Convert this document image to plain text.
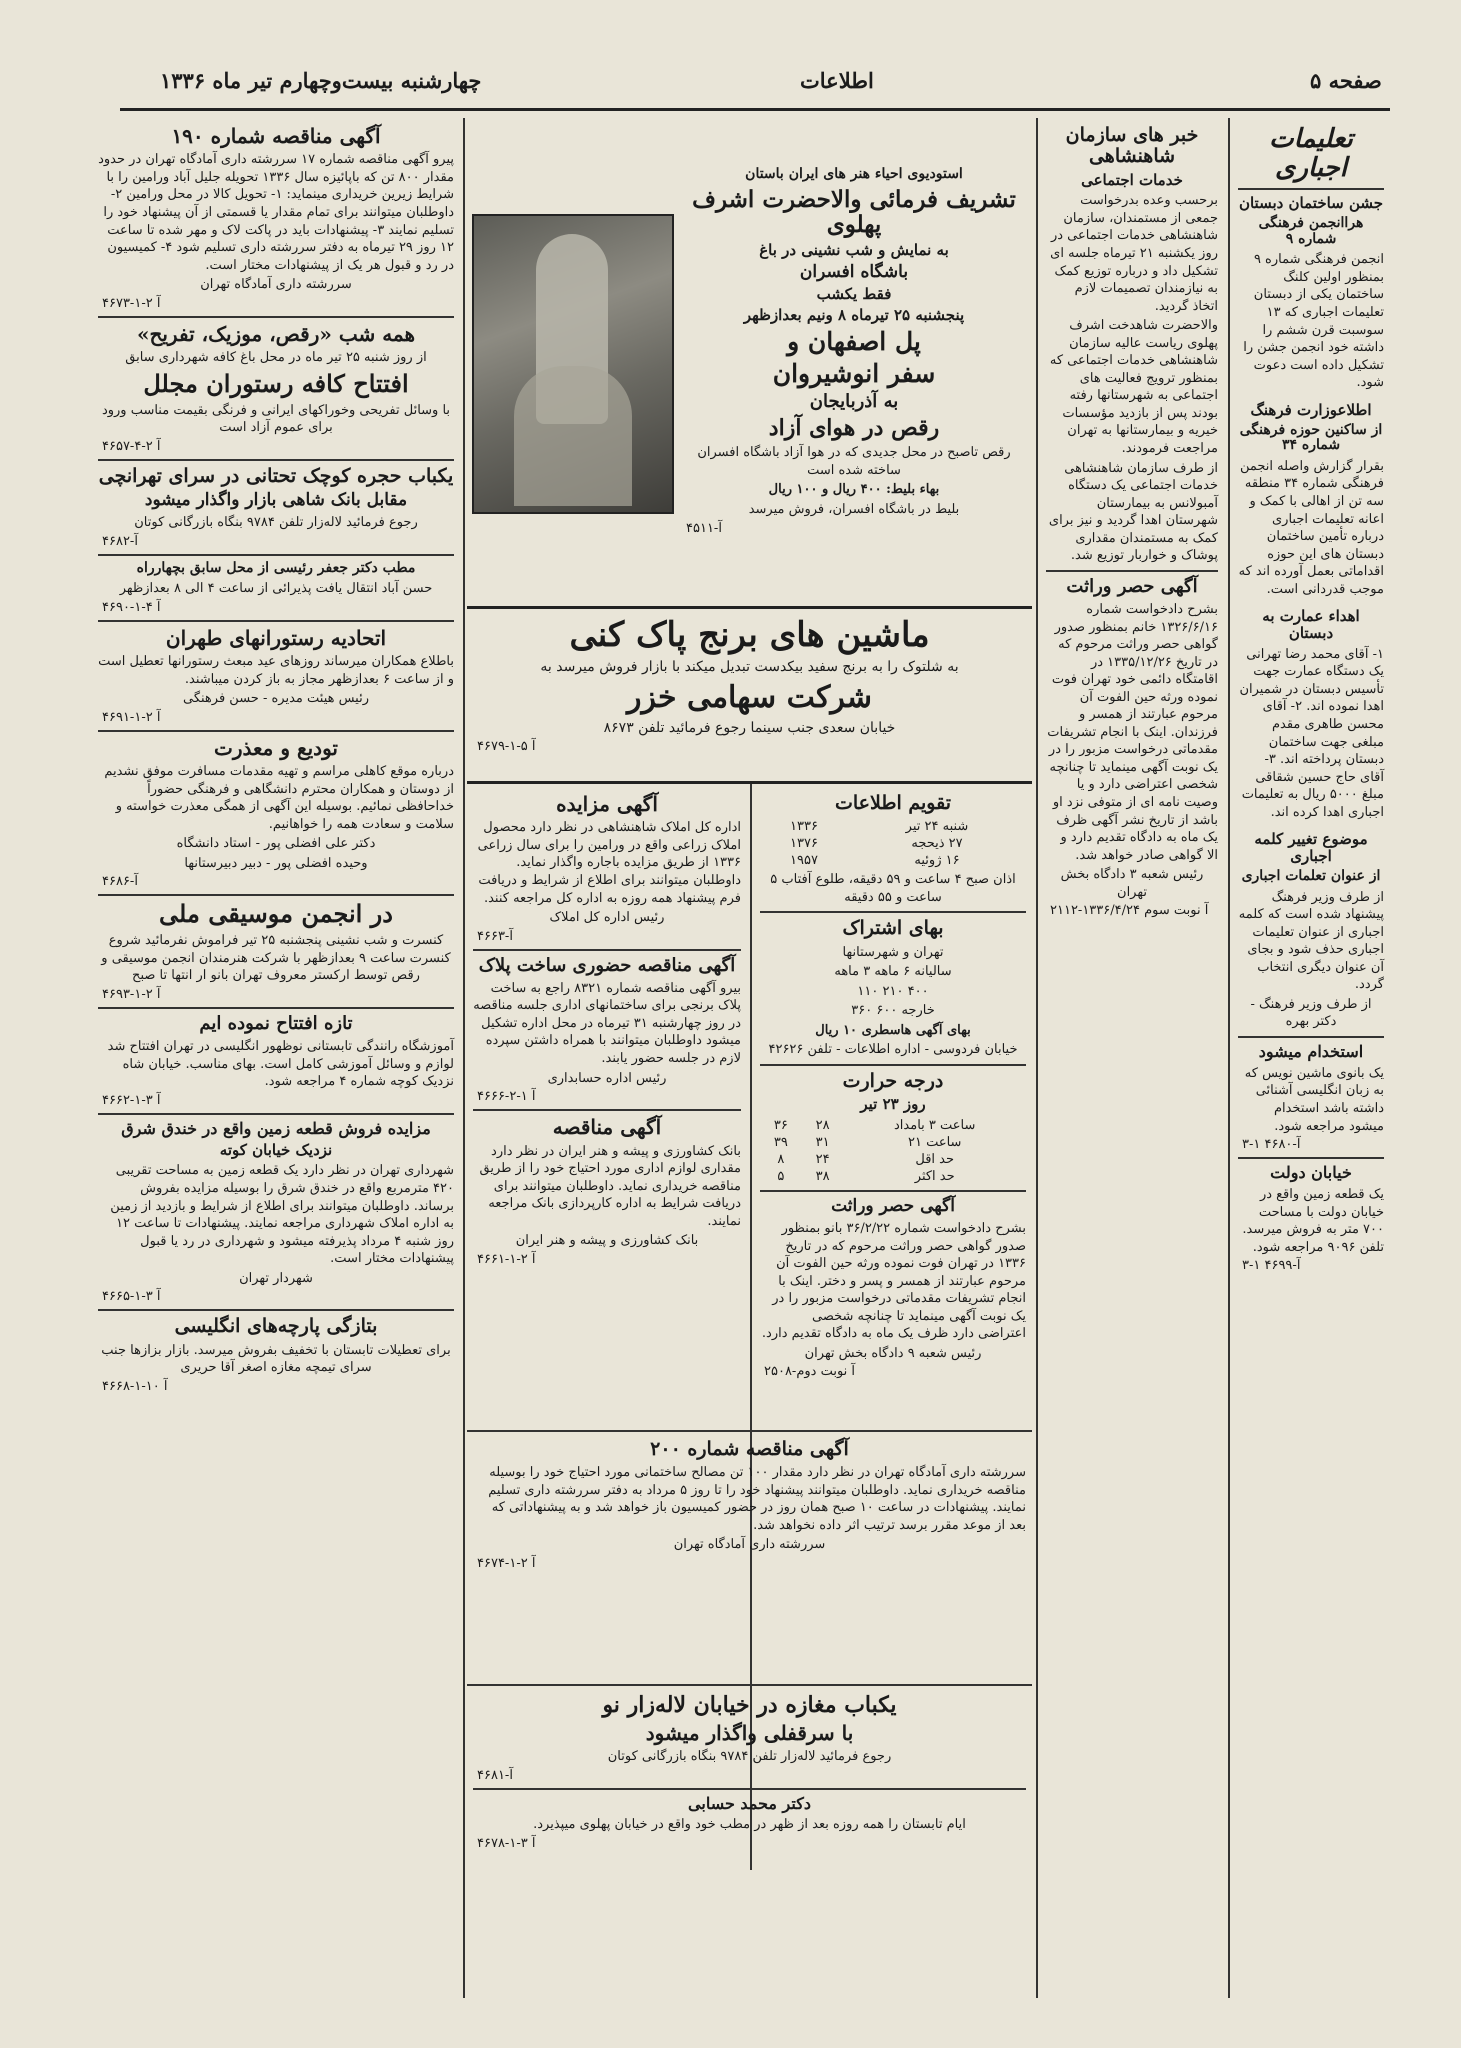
چهارشنبه بیست‌وچهارم تیر ماه ۱۳۳۶	اطلاعات	صفحه ۵
تعلیمات اجباری
جشن ساختمان دبستان
هراانجمن فرهنگی شماره ۹

انجمن فرهنگی شماره ۹ بمنظور اولین کلنگ ساختمان یکی از دبستان تعلیمات اجباری که ۱۳ سوسبت قرن ششم را داشته خود انجمن جشن را تشکیل داده است دعوت شود.

اطلاعوزارت فرهنگ
از ساکنین حوزه فرهنگی شماره ۳۴

بقرار گزارش واصله انجمن فرهنگی شماره ۳۴ منطقه سه تن از اهالی با کمک و اعانه تعلیمات اجباری درباره تأمین ساختمان دبستان های این حوزه اقداماتی بعمل آورده اند که موجب قدردانی است.

اهداء عمارت به دبستان

۱- آقای محمد رضا تهرانی یک دستگاه عمارت جهت تأسیس دبستان در شمیران اهدا نموده اند. ۲- آقای محسن طاهری مقدم مبلغی جهت ساختمان دبستان پرداخته اند. ۳- آقای حاج حسین شقاقی مبلغ ۵۰۰۰ ریال به تعلیمات اجباری اهدا کرده اند.

موضوع تغییر کلمه اجباری
از عنوان تعلمات اجباری

از طرف وزیر فرهنگ پیشنهاد شده است که کلمه اجباری از عنوان تعلیمات اجباری حذف شود و بجای آن عنوان دیگری انتخاب گردد.

از طرف وزیر فرهنگ - دکتر بهره

استخدام میشود

یک بانوی ماشین نویس که به زبان انگلیسی آشنائی داشته باشد استخدام میشود مراجعه شود.

۳-۱ ۴۶۸۰-آ
خیابان دولت

یک قطعه زمین واقع در خیابان دولت با مساحت ۷۰۰ متر به فروش میرسد. تلفن ۹۰۹۶ مراجعه شود.

۳-۱ ۴۶۹۹-آ
خبر های سازمان شاهنشاهی
خدمات اجتماعی

برحسب وعده بدرخواست جمعی از مستمندان، سازمان شاهنشاهی خدمات اجتماعی در روز یکشنبه ۲۱ تیرماه جلسه ای تشکیل داد و درباره توزیع کمک به نیازمندان تصمیمات لازم اتخاذ گردید.

والاحضرت شاهدخت اشرف پهلوی ریاست عالیه سازمان شاهنشاهی خدمات اجتماعی که بمنظور ترویج فعالیت های اجتماعی به شهرستانها رفته بودند پس از بازدید مؤسسات خیریه و بیمارستانها به تهران مراجعت فرمودند.

از طرف سازمان شاهنشاهی خدمات اجتماعی یک دستگاه آمبولانس به بیمارستان شهرستان اهدا گردید و نیز برای کمک به مستمندان مقداری پوشاک و خواربار توزیع شد.

آگهی حصر وراثت

بشرح دادخواست شماره ۱۳۲۶/۶/۱۶ خانم بمنظور صدور گواهی حصر وراثت مرحوم که در تاریخ ۱۳۳۵/۱۲/۲۶ در اقامتگاه دائمی خود تهران فوت نموده ورثه حین الفوت آن مرحوم عبارتند از همسر و فرزندان. اینک با انجام تشریفات مقدماتی درخواست مزبور را در یک نوبت آگهی مینماید تا چنانچه شخصی اعتراضی دارد و یا وصیت نامه ای از متوفی نزد او باشد از تاریخ نشر آگهی ظرف یک ماه به دادگاه تقدیم دارد و الا گواهی صادر خواهد شد.

رئیس شعبه ۳ دادگاه بخش تهران

۲۱۱۲-آ نوبت سوم ۱۳۳۶/۴/۲۴
استودیوی احیاء هنر های ایران باستان
تشریف فرمائی والاحضرت اشرف پهلوی
به نمایش و شب نشینی در باغ
باشگاه افسران
فقط یکشب
پنجشنبه ۲۵ تیرماه ۸ ونیم بعدازظهر
پل اصفهان و
سفر انوشیروان
به آذربایجان
رقص در هوای آزاد

رقص تاصبح در محل جدیدی که در هوا آزاد باشگاه افسران ساخته شده است

بهاء بلیط: ۴۰۰ ریال و ۱۰۰ ریال

بلیط در باشگاه افسران، فروش میرسد

۴۵۱۱-آ
ماشین های برنج پاک کنی

به شلتوک را به برنج سفید بیکدست تبدیل میکند با بازار فروش میرسد به

شرکت سهامی خزر

خیابان سعدی جنب سینما رجوع فرمائید تلفن ۸۶۷۳

۴۶۷۹-آ ۵-۱
تقویم اطلاعات
شنبه ۲۴ تیر	۱۳۳۶
۲۷ ذیحجه	۱۳۷۶
۱۶ ژوئیه	۱۹۵۷

اذان صبح ۴ ساعت و ۵۹ دقیقه، طلوع آفتاب ۵ ساعت و ۵۵ دقیقه

بهای اشتراک

تهران و شهرستانها

سالیانه ۶ ماهه ۳ ماهه

۴۰۰ ۲۱۰ ۱۱۰

خارجه ۶۰۰ ۳۶۰

بهای آگهی هاسطری ۱۰ ریال

خیابان فردوسی - اداره اطلاعات - تلفن ۴۲۶۲۶

درجه حرارت
روز ۲۳ تیر
ساعت ۳ بامداد	۲۸	۳۶
ساعت ۲۱	۳۱	۳۹
حد اقل	۲۴	۸
حد اکثر	۳۸	۵
آگهی حصر وراثت

بشرح دادخواست شماره ۳۶/۲/۲۲ بانو بمنظور صدور گواهی حصر وراثت مرحوم که در تاریخ ۱۳۳۶ در تهران فوت نموده ورثه حین الفوت آن مرحوم عبارتند از همسر و پسر و دختر. اینک با انجام تشریفات مقدماتی درخواست مزبور را در یک نوبت آگهی مینماید تا چنانچه شخصی اعتراضی دارد ظرف یک ماه به دادگاه تقدیم دارد.

رئیس شعبه ۹ دادگاه بخش تهران

۲۵۰۸-آ نوبت دوم
آگهی مزایده

اداره کل املاک شاهنشاهی در نظر دارد محصول املاک زراعی واقع در ورامین را برای سال زراعی ۱۳۳۶ از طریق مزایده باجاره واگذار نماید. داوطلبان میتوانند برای اطلاع از شرایط و دریافت فرم پیشنهاد همه روزه به اداره کل مراجعه کنند.

رئیس اداره کل املاک

۴۶۶۳-آ
آگهی مناقصه حضوری ساخت پلاک

بیرو آگهی مناقصه شماره ۸۳۲۱ راجع به ساخت پلاک برنجی برای ساختمانهای اداری جلسه مناقصه در روز چهارشنبه ۳۱ تیرماه در محل اداره تشکیل میشود داوطلبان میتوانند با همراه داشتن سپرده لازم در جلسه حضور یابند.

رئیس اداره حسابداری

۴۶۶۶-آ ۱-۲
آگهی مناقصه

بانک کشاورزی و پیشه و هنر ایران در نظر دارد مقداری لوازم اداری مورد احتیاج خود را از طریق مناقصه خریداری نماید. داوطلبان میتوانند برای دریافت شرایط به اداره کارپردازی بانک مراجعه نمایند.

بانک کشاورزی و پیشه و هنر ایران

۴۶۶۱-آ ۲-۱
آگهی مناقصه شماره ۲۰۰

سررشته داری آمادگاه تهران در نظر دارد مقدار ۱۰۰ تن مصالح ساختمانی مورد احتیاج خود را بوسیله مناقصه خریداری نماید. داوطلبان میتوانند پیشنهاد خود را تا روز ۵ مرداد به دفتر سررشته داری تسلیم نمایند. پیشنهادات در ساعت ۱۰ صبح همان روز در حضور کمیسیون باز خواهد شد و به پیشنهاداتی که بعد از موعد مقرر برسد ترتیب اثر داده نخواهد شد.

سررشته داری آمادگاه تهران

۴۶۷۴-آ ۲-۱
یکباب مغازه در خیابان لاله‌زار نو
با سرقفلی واگذار میشود

رجوع فرمائید لاله‌زار تلفن ۹۷۸۴ بنگاه بازرگانی کوتان

۴۶۸۱-آ
دکتر محمد حسابی

ایام تابستان را همه روزه بعد از ظهر در مطب خود واقع در خیابان پهلوی میپذیرد.

۴۶۷۸-آ ۳-۱
آگهی مناقصه شماره ۱۹۰

پیرو آگهی مناقصه شماره ۱۷ سررشته داری آمادگاه تهران در حدود مقدار ۸۰۰ تن که باپائیزه سال ۱۳۳۶ تحویله جلیل آباد ورامین را با شرایط زیرین خریداری مینماید: ۱- تحویل کالا در محل ورامین ۲- داوطلبان میتوانند برای تمام مقدار یا قسمتی از آن پیشنهاد خود را تسلیم نمایند ۳- پیشنهادات باید در پاکت لاک و مهر شده تا ساعت ۱۲ روز ۲۹ تیرماه به دفتر سررشته داری تسلیم شود ۴- کمیسیون در رد و قبول هر یک از پیشنهادات مختار است.

سررشته داری آمادگاه تهران

۴۶۷۳-آ ۲-۱
همه شب «رقص، موزیک، تفریح»

از روز شنبه ۲۵ تیر ماه در محل باغ کافه شهرداری سابق

افتتاح کافه رستوران مجلل

با وسائل تفریحی وخوراکهای ایرانی و فرنگی بقیمت مناسب ورود برای عموم آزاد است

۴۶۵۷-آ ۲-۴
یکباب حجره کوچک تحتانی در سرای تهرانچی
مقابل بانک شاهی بازار واگذار میشود

رجوع فرمائید لاله‌زار تلفن ۹۷۸۴ بنگاه بازرگانی کوتان

۴۶۸۲-آ
مطب دکتر جعفر رئیسی از محل سابق بچهارراه

حسن آباد انتقال یافت پذیرائی از ساعت ۴ الی ۸ بعدازظهر

۴۶۹۰-آ ۴-۱
اتحادیه رستورانهای طهران

باطلاع همکاران میرساند روزهای عید مبعث رستورانها تعطیل است و از ساعت ۶ بعدازظهر مجاز به باز کردن میباشند.

رئیس هیئت مدیره - حسن فرهنگی

۴۶۹۱-آ ۲-۱
تودیع و معذرت

درباره موقع کاهلی مراسم و تهیه مقدمات مسافرت موفق نشدیم از دوستان و همکاران محترم دانشگاهی و فرهنگی حضوراً خداحافظی نمائیم. بوسیله این آگهی از همگی معذرت خواسته و سلامت و سعادت همه را خواهانیم.

دکتر علی افضلی پور - استاد دانشگاه

وحیده افضلی پور - دبیر دبیرستانها

۴۶۸۶-آ
در انجمن موسیقی ملی

کنسرت و شب نشینی پنجشنبه ۲۵ تیر فراموش نفرمائید شروع کنسرت ساعت ۹ بعدازظهر با شرکت هنرمندان انجمن موسیقی و رقص توسط ارکستر معروف تهران بانو ار انتها تا صبح

۴۶۹۳-آ ۲-۱
تازه افتتاح نموده ایم

آموزشگاه رانندگی تابستانی نوظهور انگلیسی در تهران افتتاح شد لوازم و وسائل آموزشی کامل است. بهای مناسب. خیابان شاه نزدیک کوچه شماره ۴ مراجعه شود.

۴۶۶۲-آ ۳-۱
مزایده فروش قطعه زمین واقع در خندق شرق
نزدیک خیابان کوته

شهرداری تهران در نظر دارد یک قطعه زمین به مساحت تقریبی ۴۲۰ مترمربع واقع در خندق شرق را بوسیله مزایده بفروش برساند. داوطلبان میتوانند برای اطلاع از شرایط و بازدید از زمین به اداره املاک شهرداری مراجعه نمایند. پیشنهادات تا ساعت ۱۲ روز شنبه ۴ مرداد پذیرفته میشود و شهرداری در رد یا قبول پیشنهادات مختار است.

شهردار تهران

۴۶۶۵-آ ۳-۱
بتازگی پارچه‌های انگلیسی

برای تعطیلات تابستان با تخفیف بفروش میرسد. بازار بزازها جنب سرای تیمچه مغازه اصغر آقا حریری

۴۶۶۸-آ ۱۰-۱
